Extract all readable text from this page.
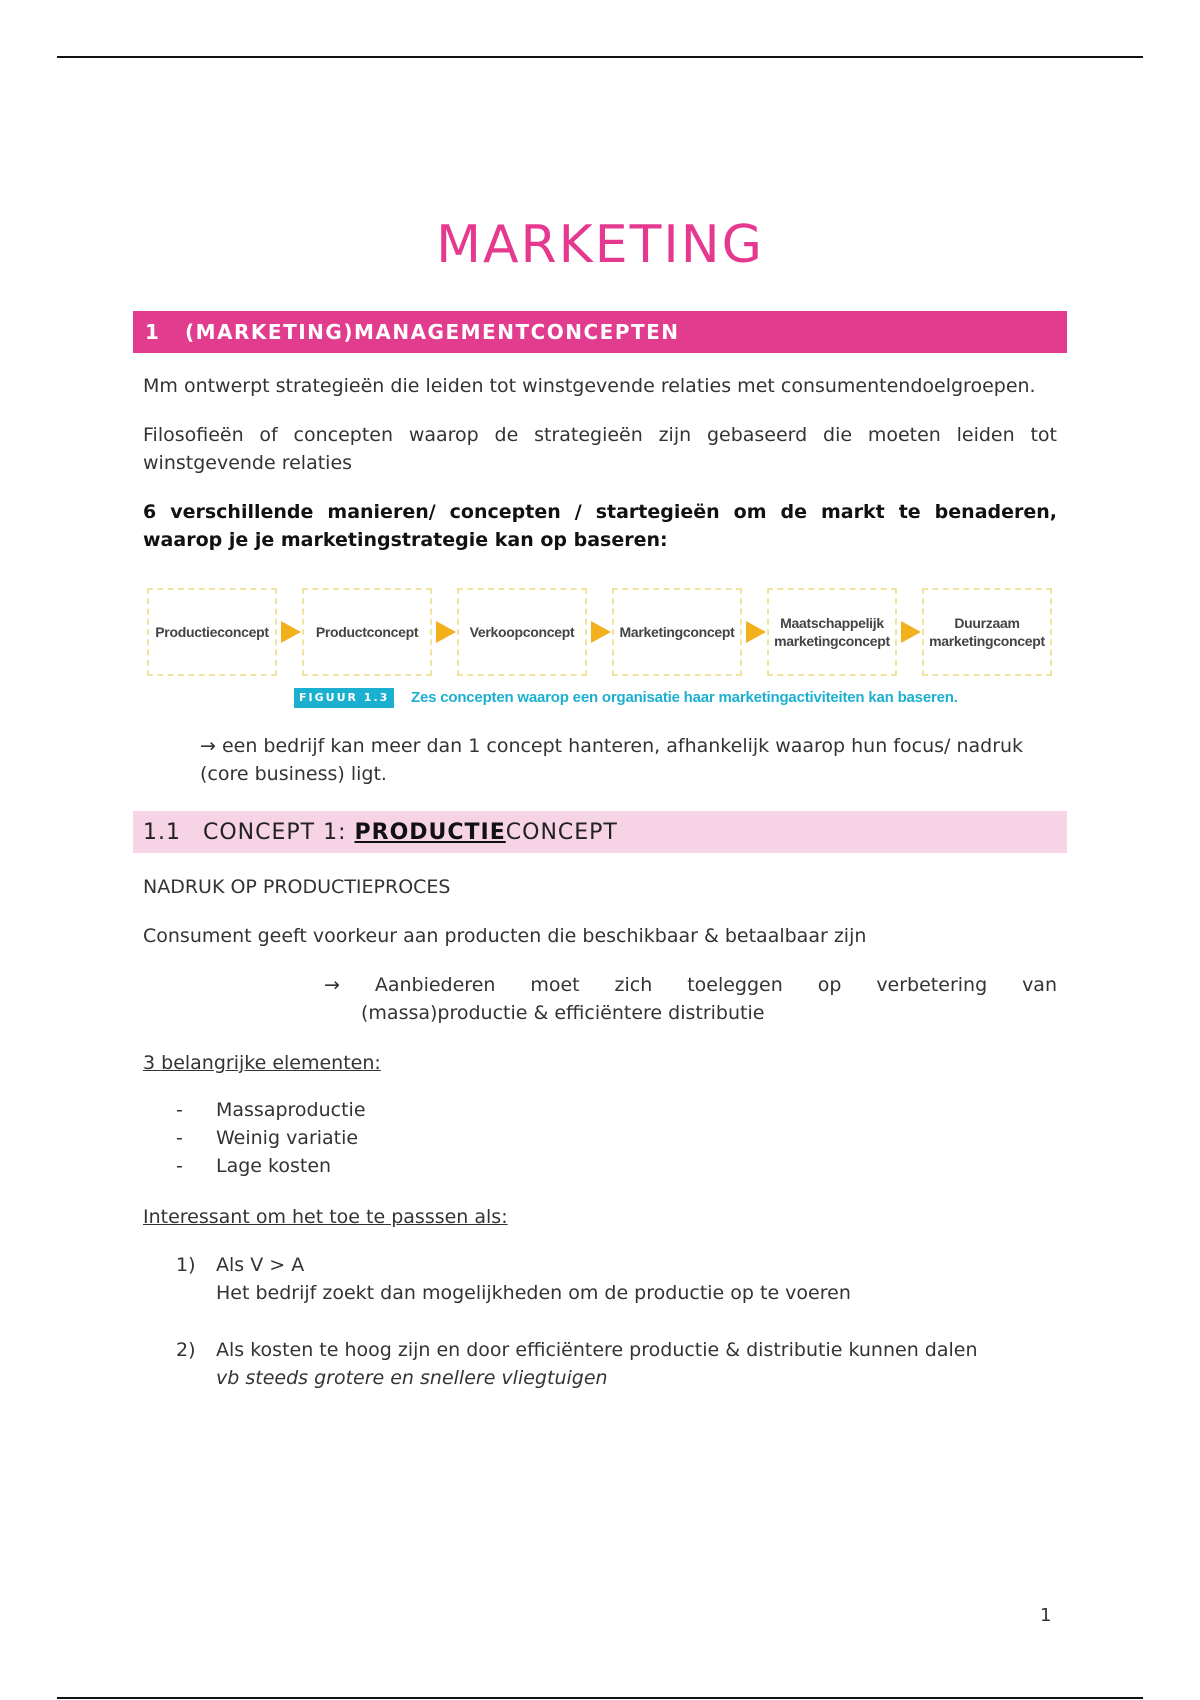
MARKETING
1	(MARKETING)MANAGEMENTCONCEPTEN

Mm ontwerpt strategieën die leiden tot winstgevende relaties met consumentendoelgroepen.

Filosofieën of concepten waarop de strategieën zijn gebaseerd die moeten leiden tot winstgevende relaties

6 verschillende manieren/ concepten / startegieën om de markt te benaderen, waarop je je marketingstrategie kan op baseren:

Productieconcept	Productconcept	Verkoopconcept	Marketingconcept
Maatschappelijk marketingconcept
Duurzaam marketingconcept
FIGUUR 1.3	Zes concepten waarop een organisatie haar marketingactiviteiten kan baseren.

→ een bedrijf kan meer dan 1 concept hanteren, afhankelijk waarop hun focus/ nadruk (core business) ligt.

1.1	CONCEPT 1: PRODUCTIECONCEPT

NADRUK OP PRODUCTIEPROCES

Consument geeft voorkeur aan producten die beschikbaar & betaalbaar zijn

→ Aanbiederen moet zich toeleggen op verbetering van

(massa)productie & efficiëntere distributie

3 belangrijke elementen:

- Massaproductie
- Weinig variatie
- Lage kosten

Interessant om het toe te passsen als:

1) Als V > A
Het bedrijf zoekt dan mogelijkheden om de productie op te voeren
2) Als kosten te hoog zijn en door efficiëntere productie & distributie kunnen dalen
vb steeds grotere en snellere vliegtuigen
1
